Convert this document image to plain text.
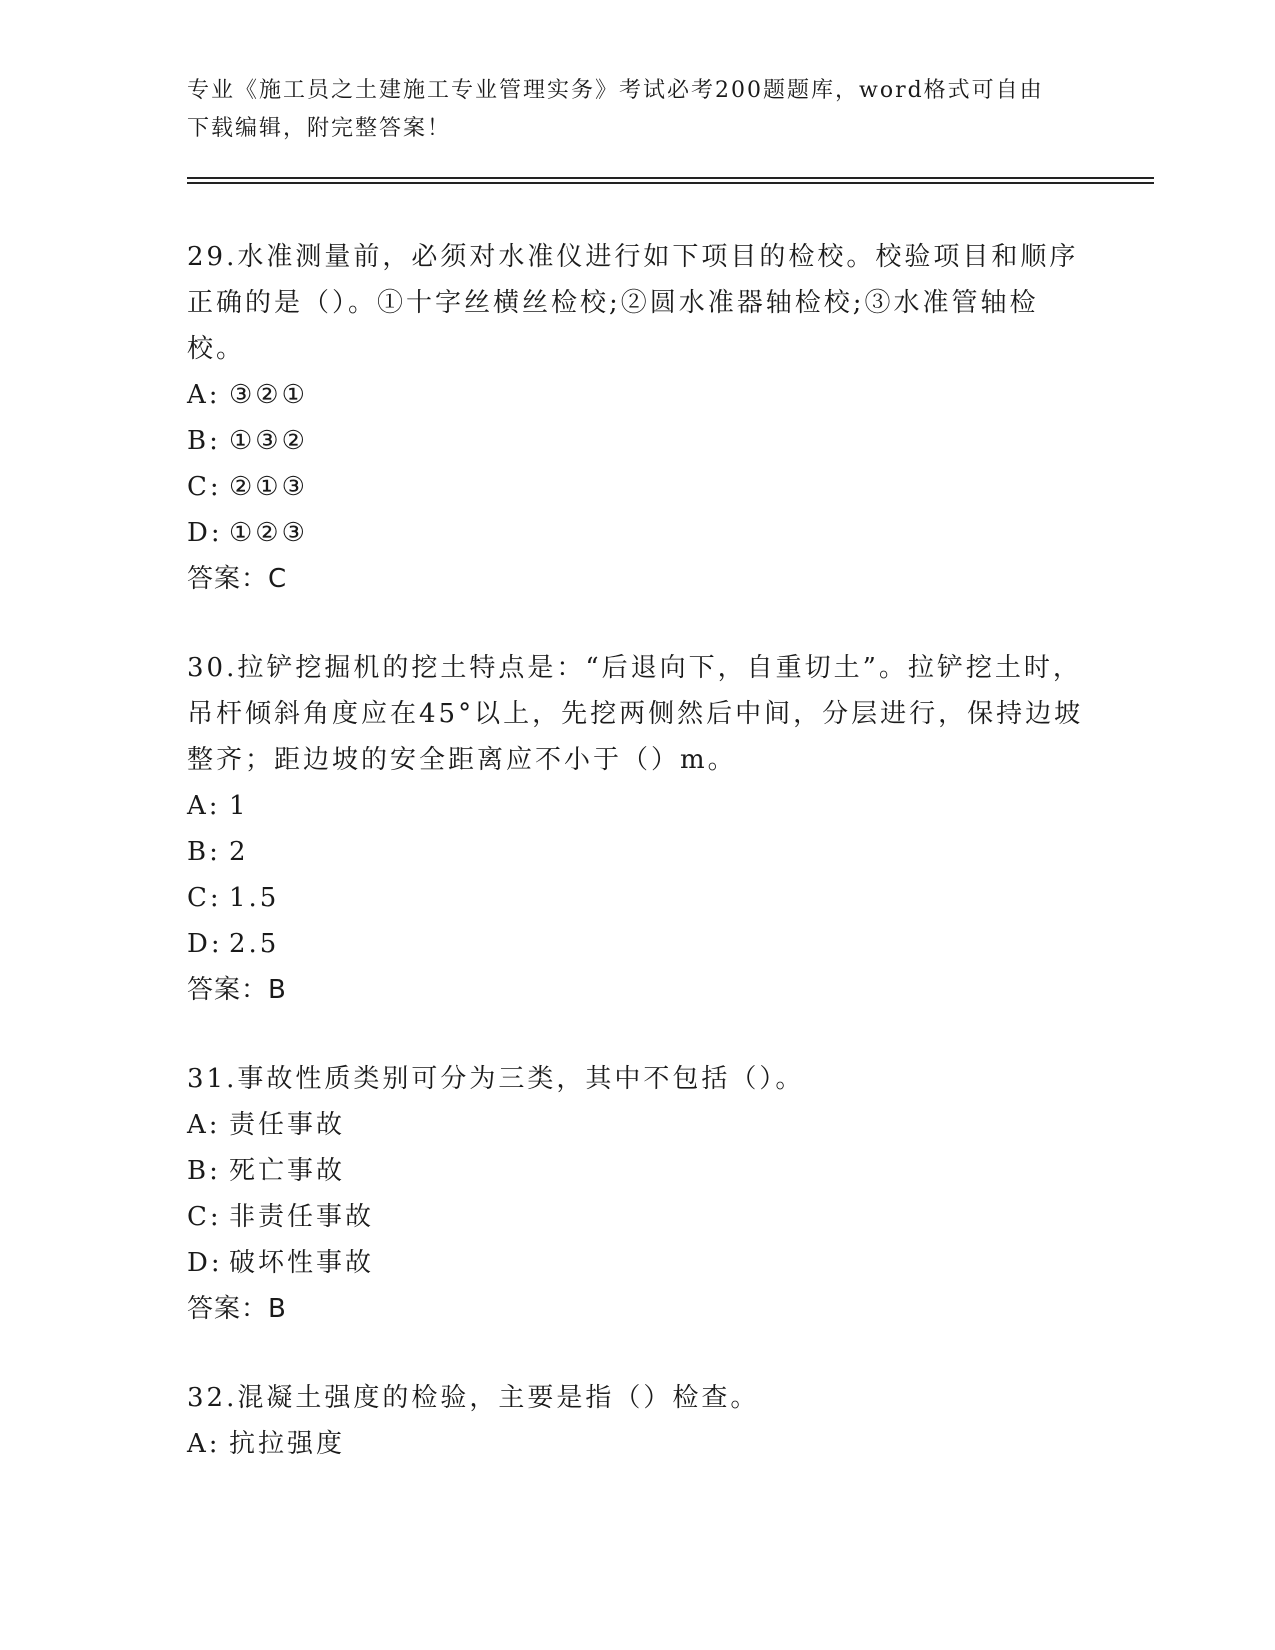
专业《施工员之土建施工专业管理实务》考试必考200题题库，word格式可自由下载编辑，附完整答案！
29.水准测量前，必须对水准仪进行如下项目的检校。校验项目和顺序正确的是（）。①十字丝横丝检校;②圆水准器轴检校;③水准管轴检校。
A: ③②①
B: ①③②
C: ②①③
D: ①②③
答案：C
30.拉铲挖掘机的挖土特点是：“后退向下，自重切土”。拉铲挖土时，吊杆倾斜角度应在45°以上，先挖两侧然后中间，分层进行，保持边坡整齐；距边坡的安全距离应不小于（）m。
A: 1
B: 2
C: 1.5
D: 2.5
答案：B
31.事故性质类别可分为三类，其中不包括（）。
A: 责任事故
B: 死亡事故
C: 非责任事故
D: 破坏性事故
答案：B
32.混凝土强度的检验，主要是指（）检查。
A: 抗拉强度
